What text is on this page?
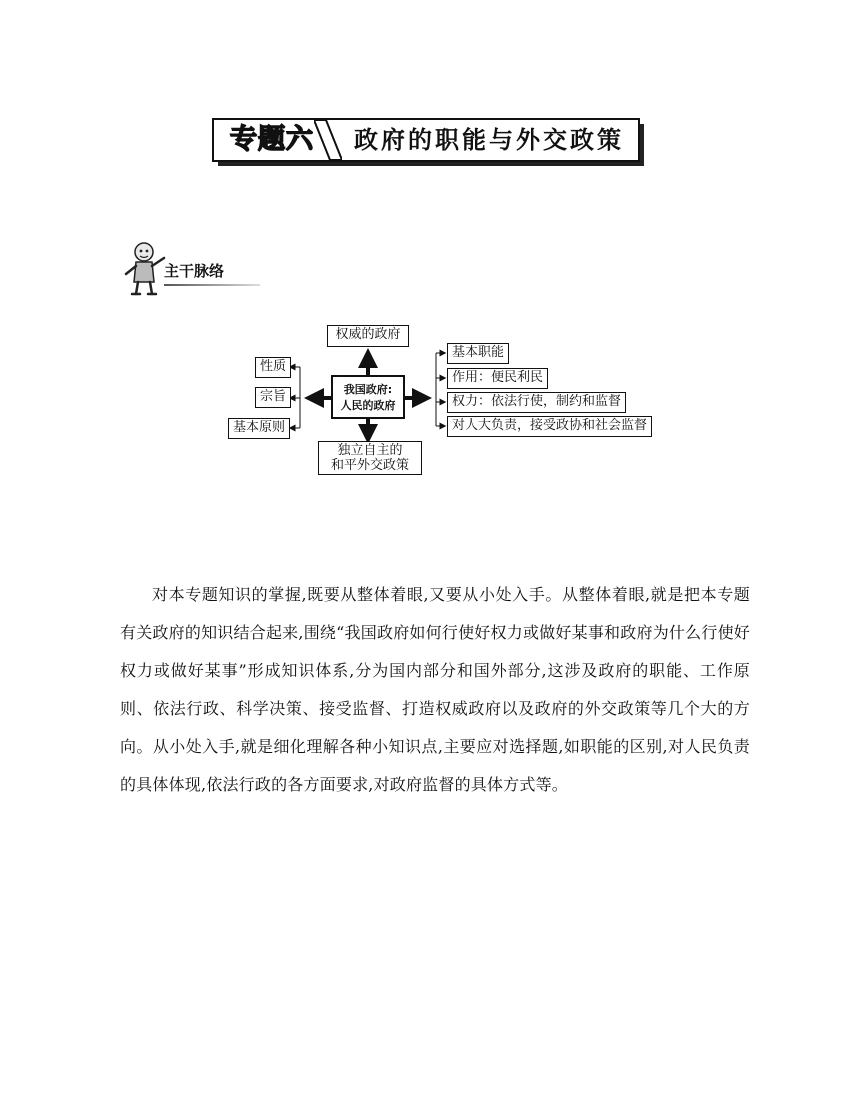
专题六	政府的职能与外交政策
主干脉络
权威的政府
我国政府:
人民的政府
独立自主的
和平外交政策
性质
宗旨
基本原则
基本职能
作用：便民利民
权力：依法行使，制约和监督
对人大负责，接受政协和社会监督

对本专题知识的掌握,既要从整体着眼,又要从小处入手。从整体着眼,就是把本专题有关政府的知识结合起来,围绕“我国政府如何行使好权力或做好某事和政府为什么行使好权力或做好某事”形成知识体系,分为国内部分和国外部分,这涉及政府的职能、工作原则、依法行政、科学决策、接受监督、打造权威政府以及政府的外交政策等几个大的方向。从小处入手,就是细化理解各种小知识点,主要应对选择题,如职能的区别,对人民负责的具体体现,依法行政的各方面要求,对政府监督的具体方式等。
